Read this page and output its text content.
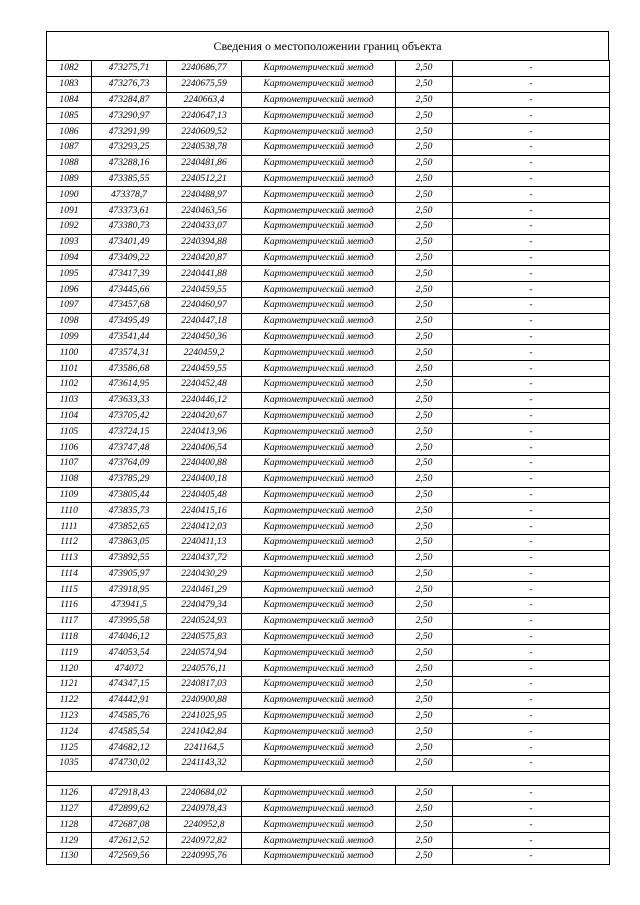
Сведения о местоположении границ объекта
1082	473275,71	2240686,77	Картометрический метод	2,50	-
1083	473276,73	2240675,59	Картометрический метод	2,50	-
1084	473284,87	2240663,4	Картометрический метод	2,50	-
1085	473290,97	2240647,13	Картометрический метод	2,50	-
1086	473291,99	2240609,52	Картометрический метод	2,50	-
1087	473293,25	2240538,78	Картометрический метод	2,50	-
1088	473288,16	2240481,86	Картометрический метод	2,50	-
1089	473385,55	2240512,21	Картометрический метод	2,50	-
1090	473378,7	2240488,97	Картометрический метод	2,50	-
1091	473373,61	2240463,56	Картометрический метод	2,50	-
1092	473380,73	2240433,07	Картометрический метод	2,50	-
1093	473401,49	2240394,88	Картометрический метод	2,50	-
1094	473409,22	2240420,87	Картометрический метод	2,50	-
1095	473417,39	2240441,88	Картометрический метод	2,50	-
1096	473445,66	2240459,55	Картометрический метод	2,50	-
1097	473457,68	2240460,97	Картометрический метод	2,50	-
1098	473495,49	2240447,18	Картометрический метод	2,50	-
1099	473541,44	2240450,36	Картометрический метод	2,50	-
1100	473574,31	2240459,2	Картометрический метод	2,50	-
1101	473586,68	2240459,55	Картометрический метод	2,50	-
1102	473614,95	2240452,48	Картометрический метод	2,50	-
1103	473633,33	2240446,12	Картометрический метод	2,50	-
1104	473705,42	2240420,67	Картометрический метод	2,50	-
1105	473724,15	2240413,96	Картометрический метод	2,50	-
1106	473747,48	2240406,54	Картометрический метод	2,50	-
1107	473764,09	2240400,88	Картометрический метод	2,50	-
1108	473785,29	2240400,18	Картометрический метод	2,50	-
1109	473805,44	2240405,48	Картометрический метод	2,50	-
1110	473835,73	2240415,16	Картометрический метод	2,50	-
1111	473852,65	2240412,03	Картометрический метод	2,50	-
1112	473863,05	2240411,13	Картометрический метод	2,50	-
1113	473892,55	2240437,72	Картометрический метод	2,50	-
1114	473905,97	2240430,29	Картометрический метод	2,50	-
1115	473918,95	2240461,29	Картометрический метод	2,50	-
1116	473941,5	2240479,34	Картометрический метод	2,50	-
1117	473995,58	2240524,93	Картометрический метод	2,50	-
1118	474046,12	2240575,83	Картометрический метод	2,50	-
1119	474053,54	2240574,94	Картометрический метод	2,50	-
1120	474072	2240576,11	Картометрический метод	2,50	-
1121	474347,15	2240817,03	Картометрический метод	2,50	-
1122	474442,91	2240900,88	Картометрический метод	2,50	-
1123	474585,76	2241025,95	Картометрический метод	2,50	-
1124	474585,54	2241042,84	Картометрический метод	2,50	-
1125	474682,12	2241164,5	Картометрический метод	2,50	-
1035	474730,02	2241143,32	Картометрический метод	2,50	-

1126	472918,43	2240684,02	Картометрический метод	2,50	-
1127	472899,62	2240978,43	Картометрический метод	2,50	-
1128	472687,08	2240952,8	Картометрический метод	2,50	-
1129	472612,52	2240972,82	Картометрический метод	2,50	-
1130	472569,56	2240995,76	Картометрический метод	2,50	-
